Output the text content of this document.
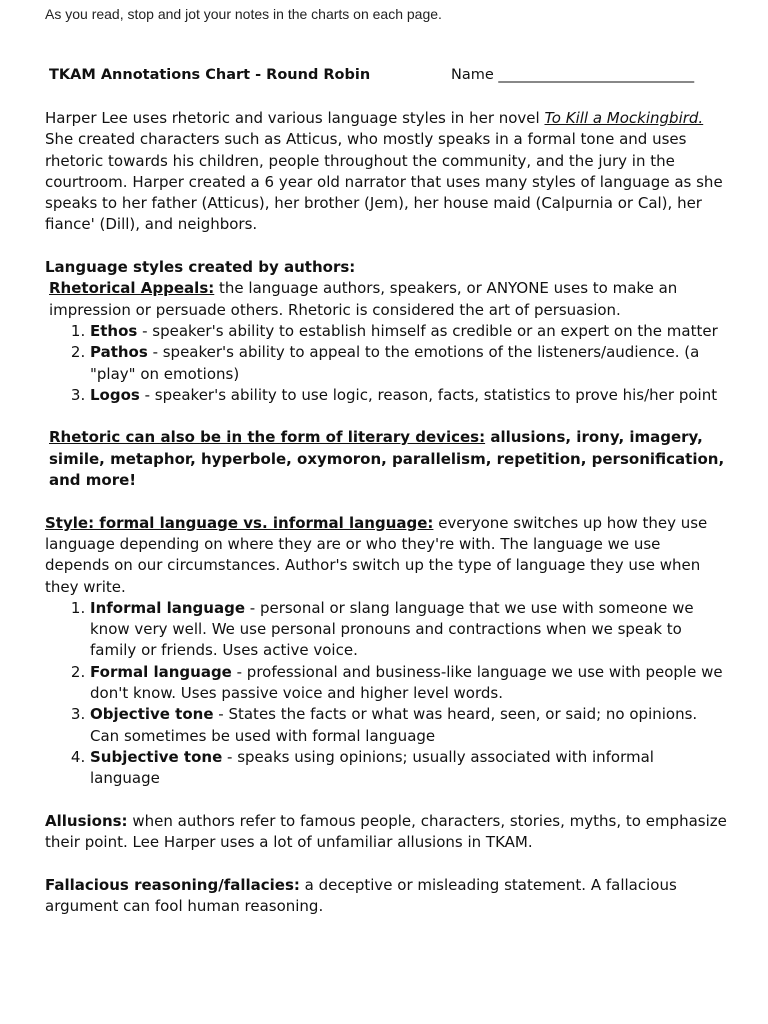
As you read, stop and jot your notes in the charts on each page.
TKAM Annotations Chart - Round Robin	Name ___________________________

Harper Lee uses rhetoric and various language styles in her novel To Kill a Mockingbird. She created characters such as Atticus, who mostly speaks in a formal tone and uses rhetoric towards his children, people throughout the community, and the jury in the courtroom. Harper created a 6 year old narrator that uses many styles of language as she speaks to her father (Atticus), her brother (Jem), her house maid (Calpurnia or Cal), her fiance' (Dill), and neighbors.

Language styles created by authors:

Rhetorical Appeals: the language authors, speakers, or ANYONE uses to make an impression or persuade others. Rhetoric is considered the art of persuasion.

1. Ethos - speaker's ability to establish himself as credible or an expert on the matter
2. Pathos - speaker's ability to appeal to the emotions of the listeners/audience. (a "play" on emotions)
3. Logos - speaker's ability to use logic, reason, facts, statistics to prove his/her point

Rhetoric can also be in the form of literary devices: allusions, irony, imagery, simile, metaphor, hyperbole, oxymoron, parallelism, repetition, personification, and more!

Style: formal language vs. informal language: everyone switches up how they use language depending on where they are or who they're with. The language we use depends on our circumstances. Author's switch up the type of language they use when they write.

1. Informal language - personal or slang language that we use with someone we know very well. We use personal pronouns and contractions when we speak to family or friends. Uses active voice.
2. Formal language - professional and business-like language we use with people we don't know. Uses passive voice and higher level words.
3. Objective tone - States the facts or what was heard, seen, or said; no opinions. Can sometimes be used with formal language
4. Subjective tone - speaks using opinions; usually associated with informal language

Allusions: when authors refer to famous people, characters, stories, myths, to emphasize their point. Lee Harper uses a lot of unfamiliar allusions in TKAM.

Fallacious reasoning/fallacies: a deceptive or misleading statement. A fallacious argument can fool human reasoning.
